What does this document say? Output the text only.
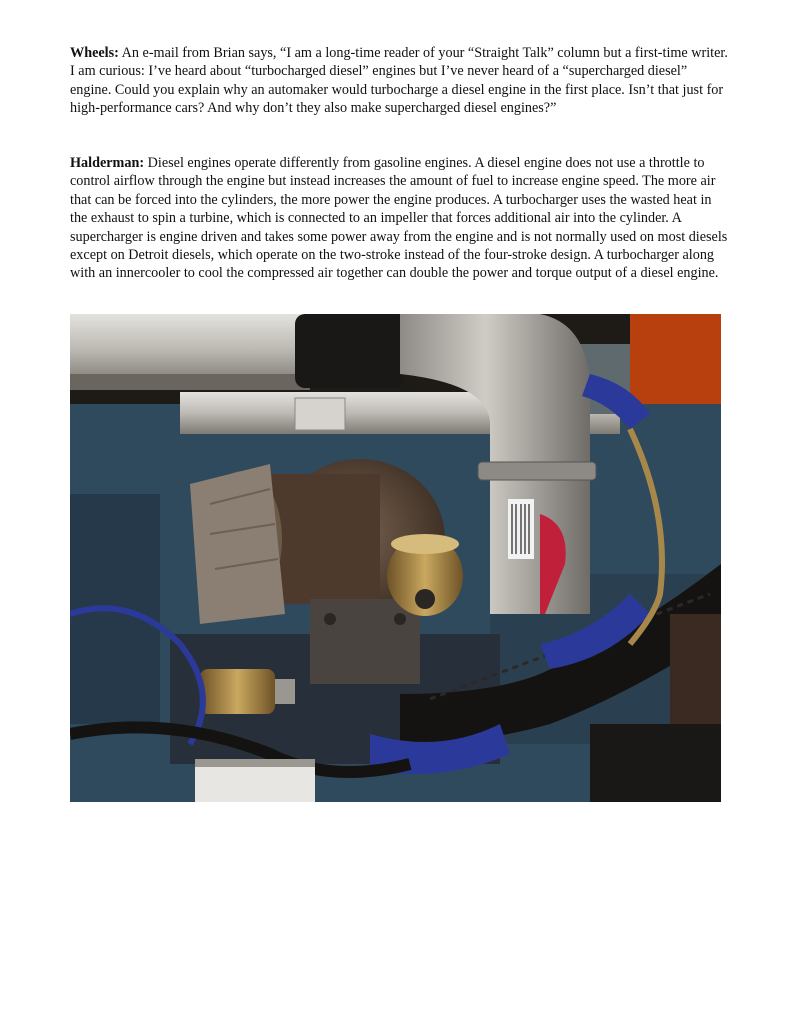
Wheels: An e-mail from Brian says, “I am a long-time reader of your “Straight Talk” column but a first-time writer. I am curious: I’ve heard about “turbocharged diesel” engines but I’ve never heard of a “supercharged diesel” engine. Could you explain why an automaker would turbocharge a diesel engine in the first place. Isn’t that just for high-performance cars? And why don’t they also make supercharged diesel engines?”

Halderman: Diesel engines operate differently from gasoline engines. A diesel engine does not use a throttle to control airflow through the engine but instead increases the amount of fuel to increase engine speed. The more air that can be forced into the cylinders, the more power the engine produces. A turbocharger uses the wasted heat in the exhaust to spin a turbine, which is connected to an impeller that forces additional air into the cylinder. A supercharger is engine driven and takes some power away from the engine and is not normally used on most diesels except on Detroit diesels, which operate on the two-stroke instead of the four-stroke design. A turbocharger along with an innercooler to cool the compressed air together can double the power and torque output of a diesel engine.
